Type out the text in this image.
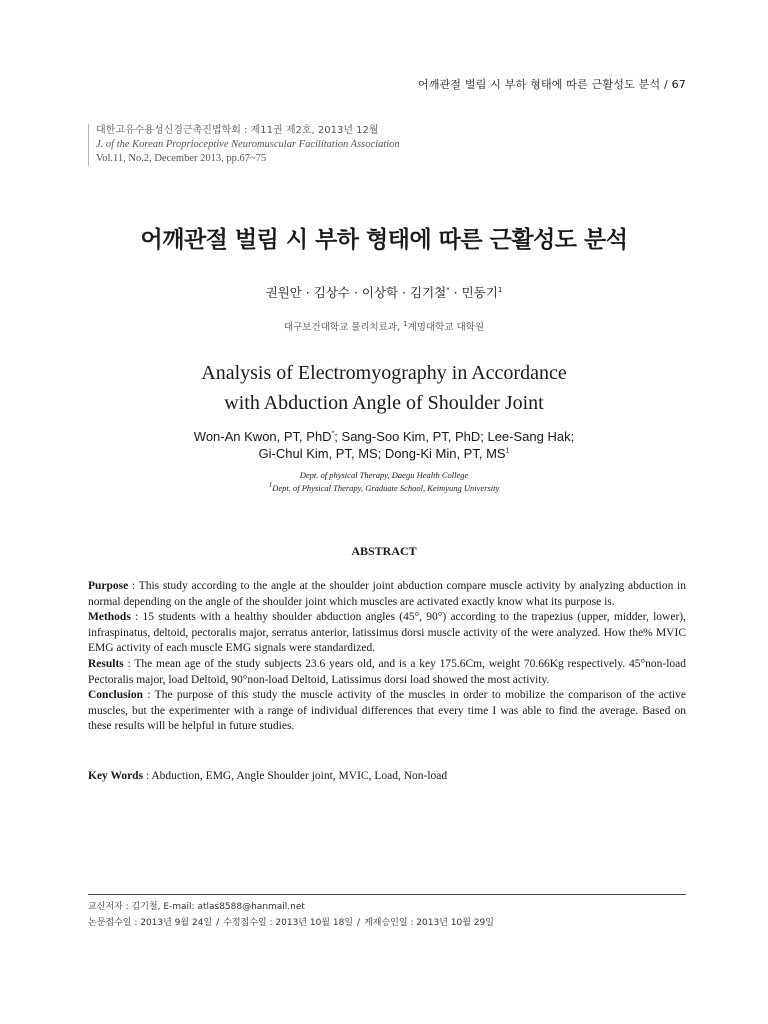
어깨관절 벌림 시 부하 형태에 따른 근활성도 분석 / 67
대한고유수용성신경근촉진법학회 : 제11권 제2호, 2013년 12월
J. of the Korean Proprioceptive Neuromuscular Facilitation Association
Vol.11, No.2, December 2013, pp.67~75
어깨관절 벌림 시 부하 형태에 따른 근활성도 분석
권원안 · 김상수 · 이상학 · 김기철* · 민동기$^1$
대구보건대학교 물리치료과, $^1$계명대학교 대학원
Analysis of Electromyography in Accordance
with Abduction Angle of Shoulder Joint
Won-An Kwon, PT, PhD*; Sang-Soo Kim, PT, PhD; Lee-Sang Hak;
Gi-Chul Kim, PT, MS; Dong-Ki Min, PT, $MS^1$
Dept. of physical Therapy, Daegu Health College
$^1$Dept. of Physical Therapy, Graduate School, Keimyung University
ABSTRACT

Purpose : This study according to the angle at the shoulder joint abduction compare muscle activity by analyzing abduction in normal depending on the angle of the shoulder joint which muscles are activated exactly know what its purpose is.

Methods : 15 students with a healthy shoulder abduction angles (45°, 90°) according to the trapezius (upper, midder, lower), infraspinatus, deltoid, pectoralis major, serratus anterior, latissimus dorsi muscle activity of the were analyzed. How the% MVIC EMG activity of each muscle EMG signals were standardized.

Results : The mean age of the study subjects 23.6 years old, and is a key 175.6Cm, weight 70.66Kg respectively. 45°non-load Pectoralis major, load Deltoid, 90°non-load Deltoid, Latissimus dorsi load showed the most activity.

Conclusion : The purpose of this study the muscle activity of the muscles in order to mobilize the comparison of the active muscles, but the experimenter with a range of individual differences that every time I was able to find the average. Based on these results will be helpful in future studies.

Key Words : Abduction, EMG, Angle Shoulder joint, MVIC, Load, Non-load
교신저자 : 김기철, E-mail: atlas8588@hanmail.net
논문접수일 : 2013년 9월 24일 / 수정접수일 : 2013년 10월 18일 / 게재승인일 : 2013년 10월 29일
